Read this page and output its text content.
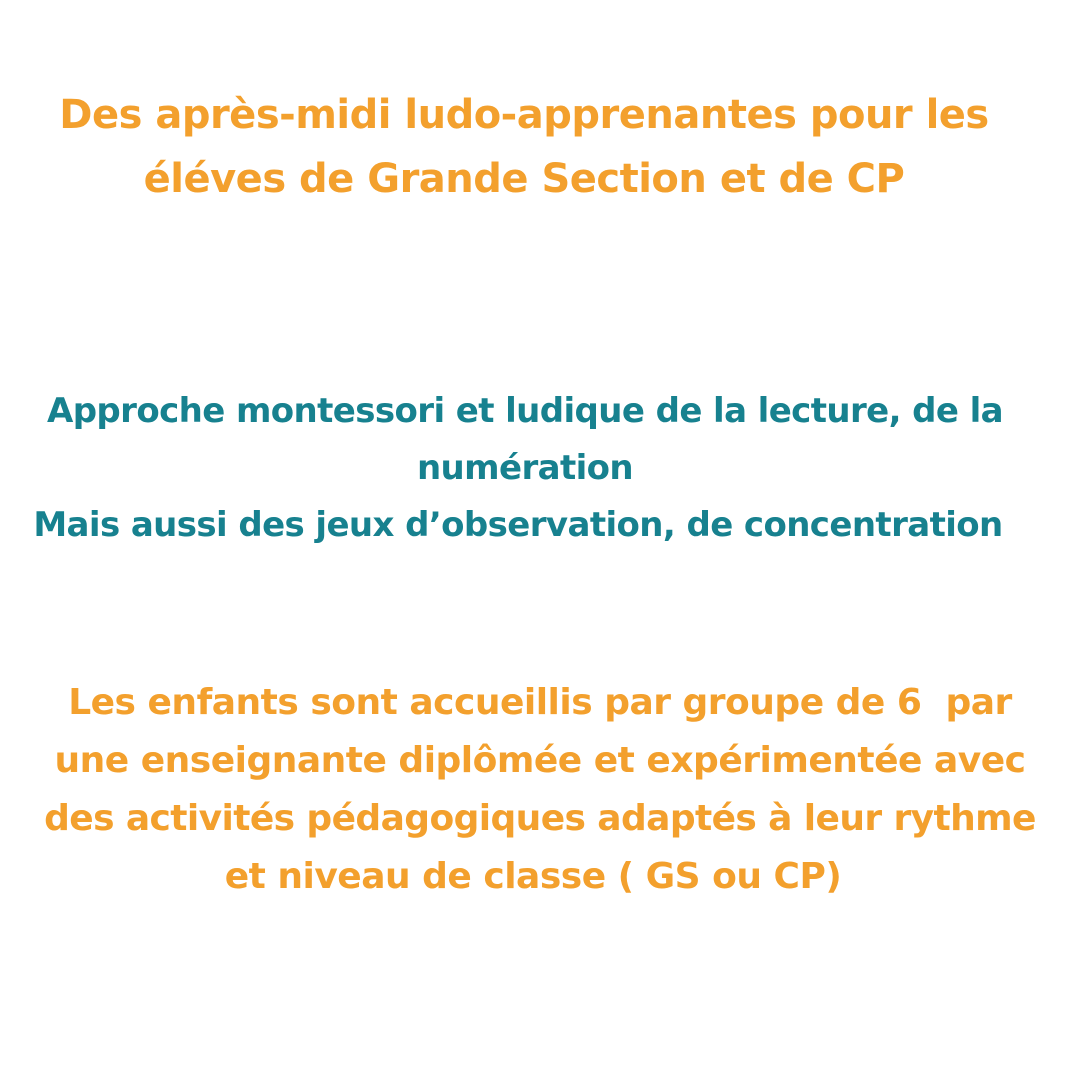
Des après-midi ludo-apprenantes pour les
éléves de Grande Section et de CP
Approche montessori et ludique de la lecture, de la
numération
Mais aussi des jeux d’observation, de concentration
Les enfants sont accueillis par groupe de 6  par
une enseignante diplômée et expérimentée avec
des activités pédagogiques adaptés à leur rythme
et niveau de classe ( GS ou CP)
